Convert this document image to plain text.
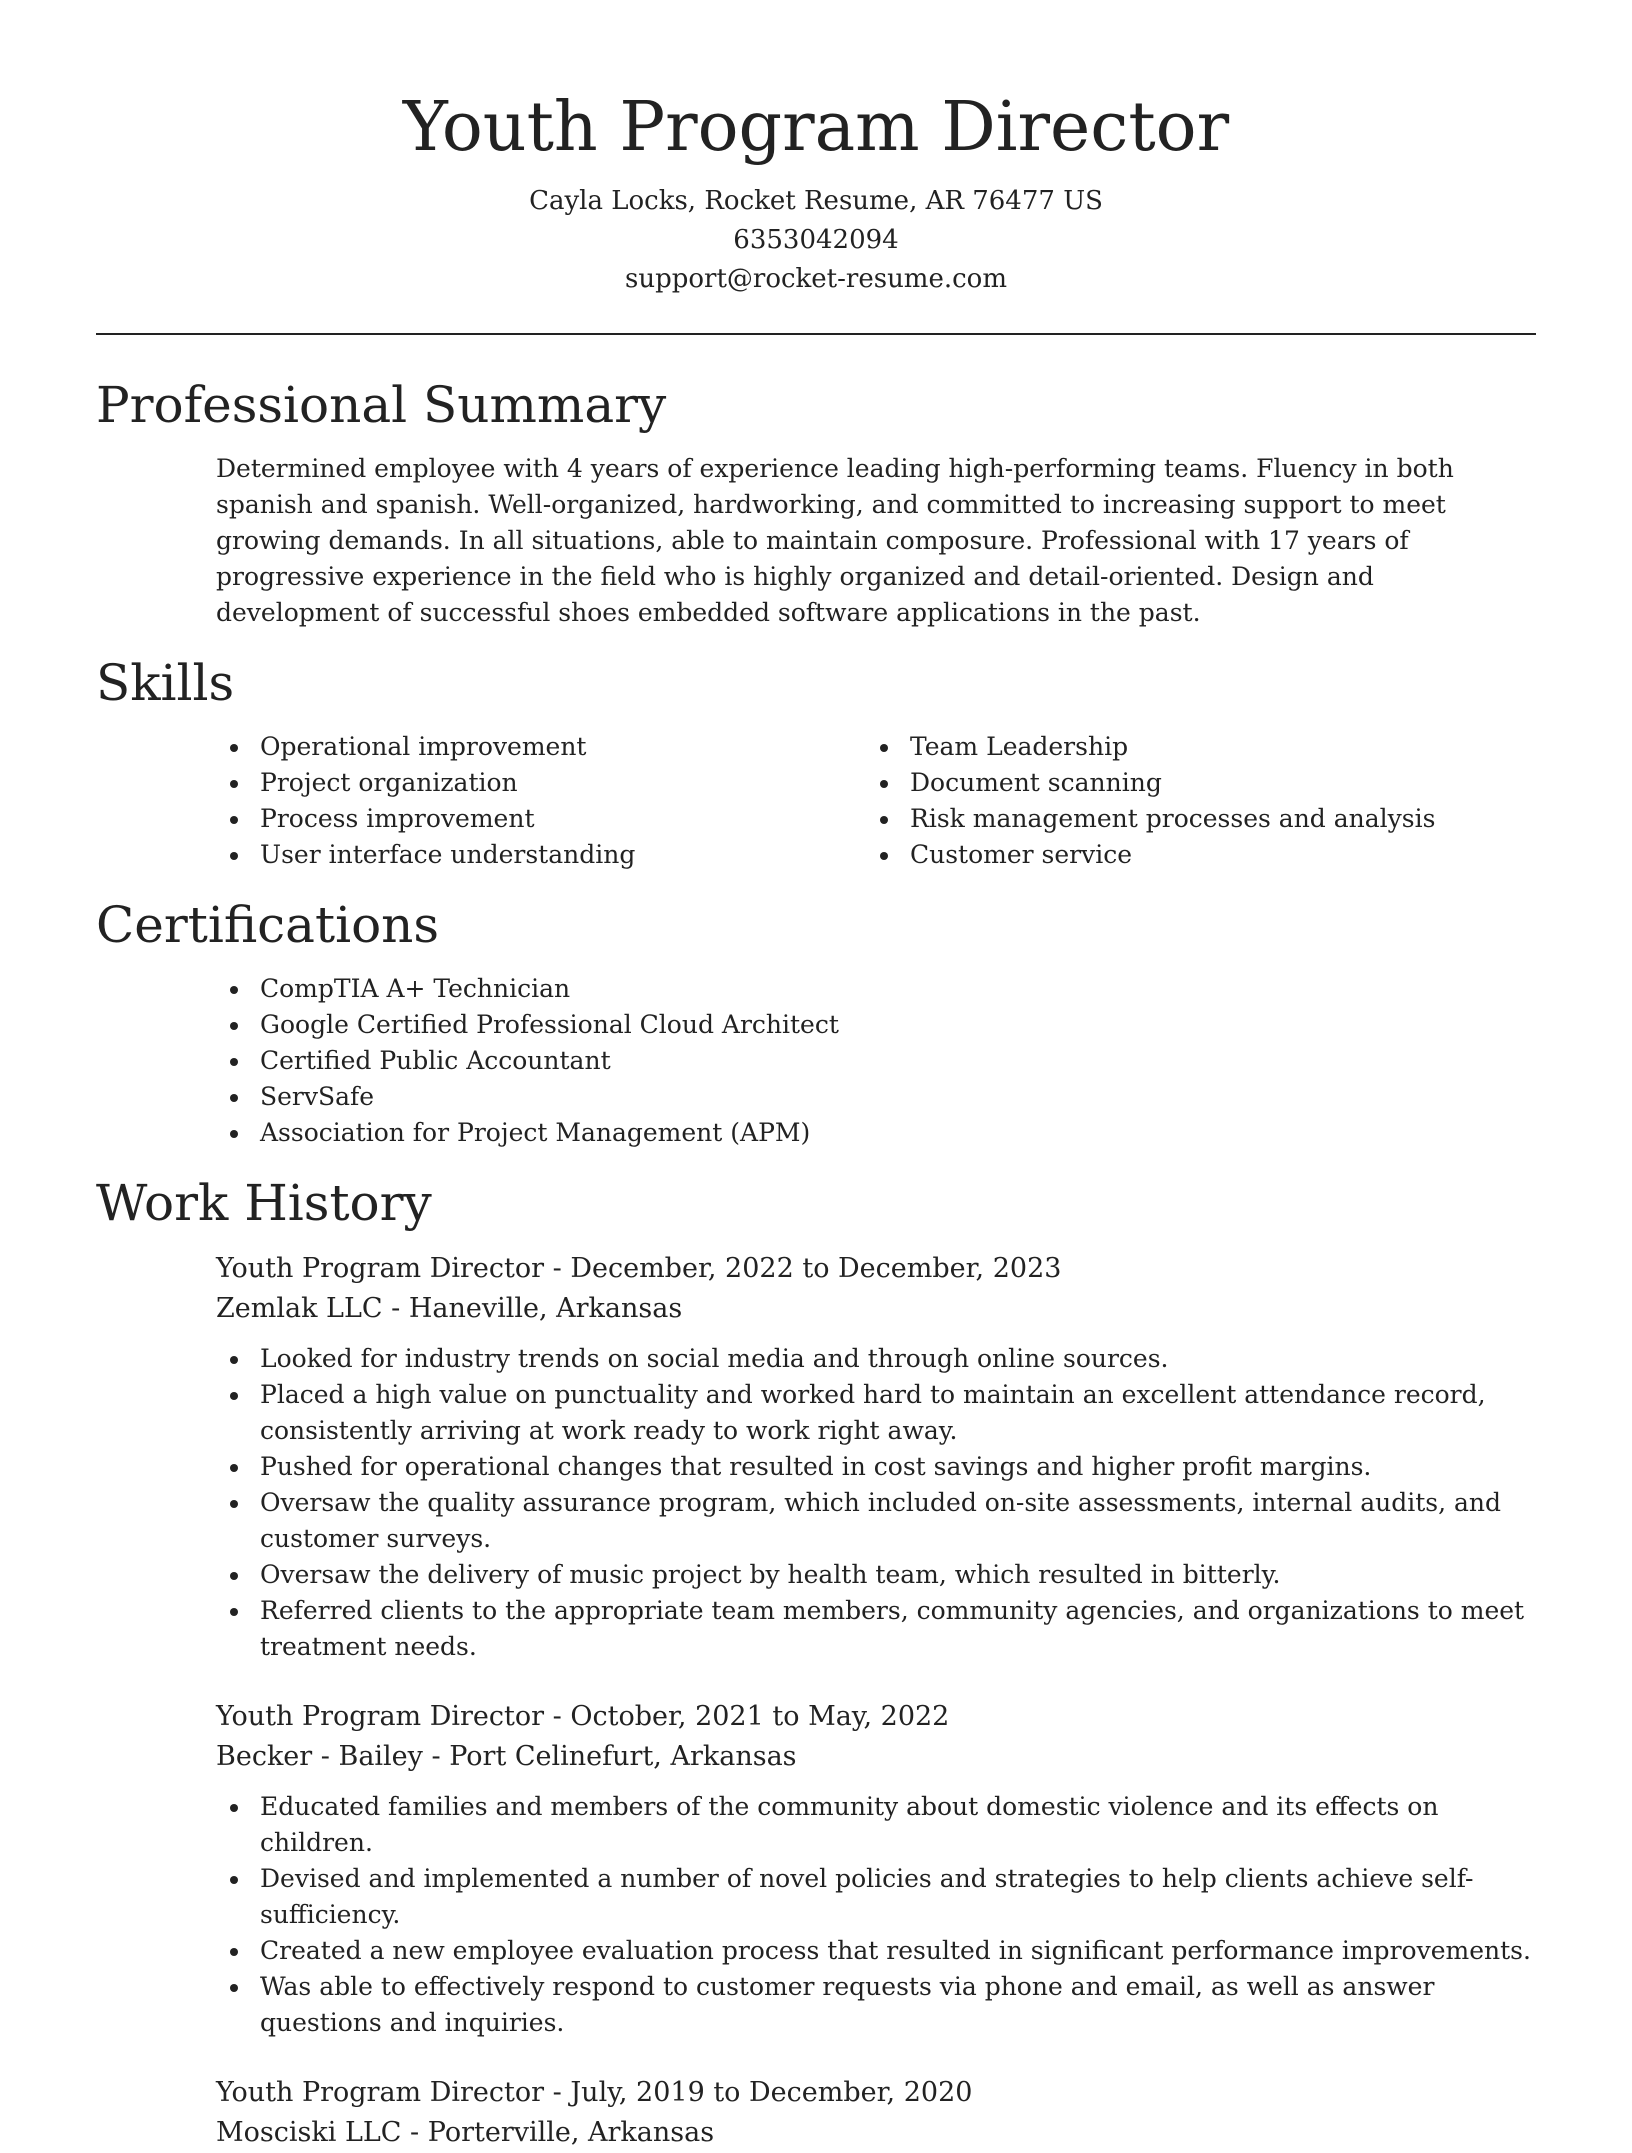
Youth Program Director
Cayla Locks, Rocket Resume, AR 76477 US
6353042094
support@rocket-resume.com
Professional Summary

Determined employee with 4 years of experience leading high-performing teams. Fluency in both spanish and spanish. Well-organized, hardworking, and committed to increasing support to meet growing demands. In all situations, able to maintain composure. Professional with 17 years of progressive experience in the field who is highly organized and detail-oriented. Design and development of successful shoes embedded software applications in the past.

Skills
Operational improvement
Project organization
Process improvement
User interface understanding
Team Leadership
Document scanning
Risk management processes and analysis
Customer service
Certifications
CompTIA A+ Technician
Google Certified Professional Cloud Architect
Certified Public Accountant
ServSafe
Association for Project Management (APM)
Work History
Youth Program Director - December, 2022 to December, 2023
Zemlak LLC - Haneville, Arkansas
Looked for industry trends on social media and through online sources.
Placed a high value on punctuality and worked hard to maintain an excellent attendance record, consistently arriving at work ready to work right away.
Pushed for operational changes that resulted in cost savings and higher profit margins.
Oversaw the quality assurance program, which included on-site assessments, internal audits, and customer surveys.
Oversaw the delivery of music project by health team, which resulted in bitterly.
Referred clients to the appropriate team members, community agencies, and organizations to meet treatment needs.
Youth Program Director - October, 2021 to May, 2022
Becker - Bailey - Port Celinefurt, Arkansas
Educated families and members of the community about domestic violence and its effects on children.
Devised and implemented a number of novel policies and strategies to help clients achieve self-sufficiency.
Created a new employee evaluation process that resulted in significant performance improvements.
Was able to effectively respond to customer requests via phone and email, as well as answer questions and inquiries.
Youth Program Director - July, 2019 to December, 2020
Mosciski LLC - Porterville, Arkansas
